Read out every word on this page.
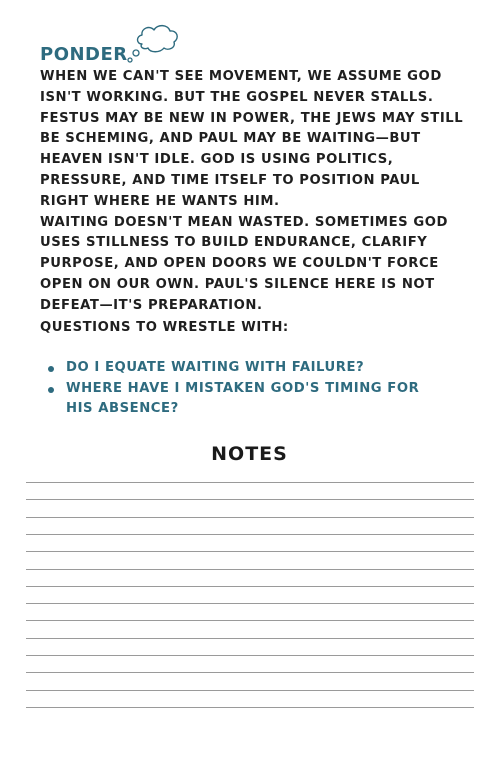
PONDER

WHEN WE CAN'T SEE MOVEMENT, WE ASSUME GOD ISN'T WORKING. BUT THE GOSPEL NEVER STALLS. FESTUS MAY BE NEW IN POWER, THE JEWS MAY STILL BE SCHEMING, AND PAUL MAY BE WAITING—BUT HEAVEN ISN'T IDLE. GOD IS USING POLITICS, PRESSURE, AND TIME ITSELF TO POSITION PAUL RIGHT WHERE HE WANTS HIM.

WAITING DOESN'T MEAN WASTED. SOMETIMES GOD USES STILLNESS TO BUILD ENDURANCE, CLARIFY PURPOSE, AND OPEN DOORS WE COULDN'T FORCE OPEN ON OUR OWN. PAUL'S SILENCE HERE IS NOT DEFEAT—IT'S PREPARATION.

QUESTIONS TO WRESTLE WITH:
DO I EQUATE WAITING WITH FAILURE?
WHERE HAVE I MISTAKEN GOD'S TIMING FOR HIS ABSENCE?
NOTES
